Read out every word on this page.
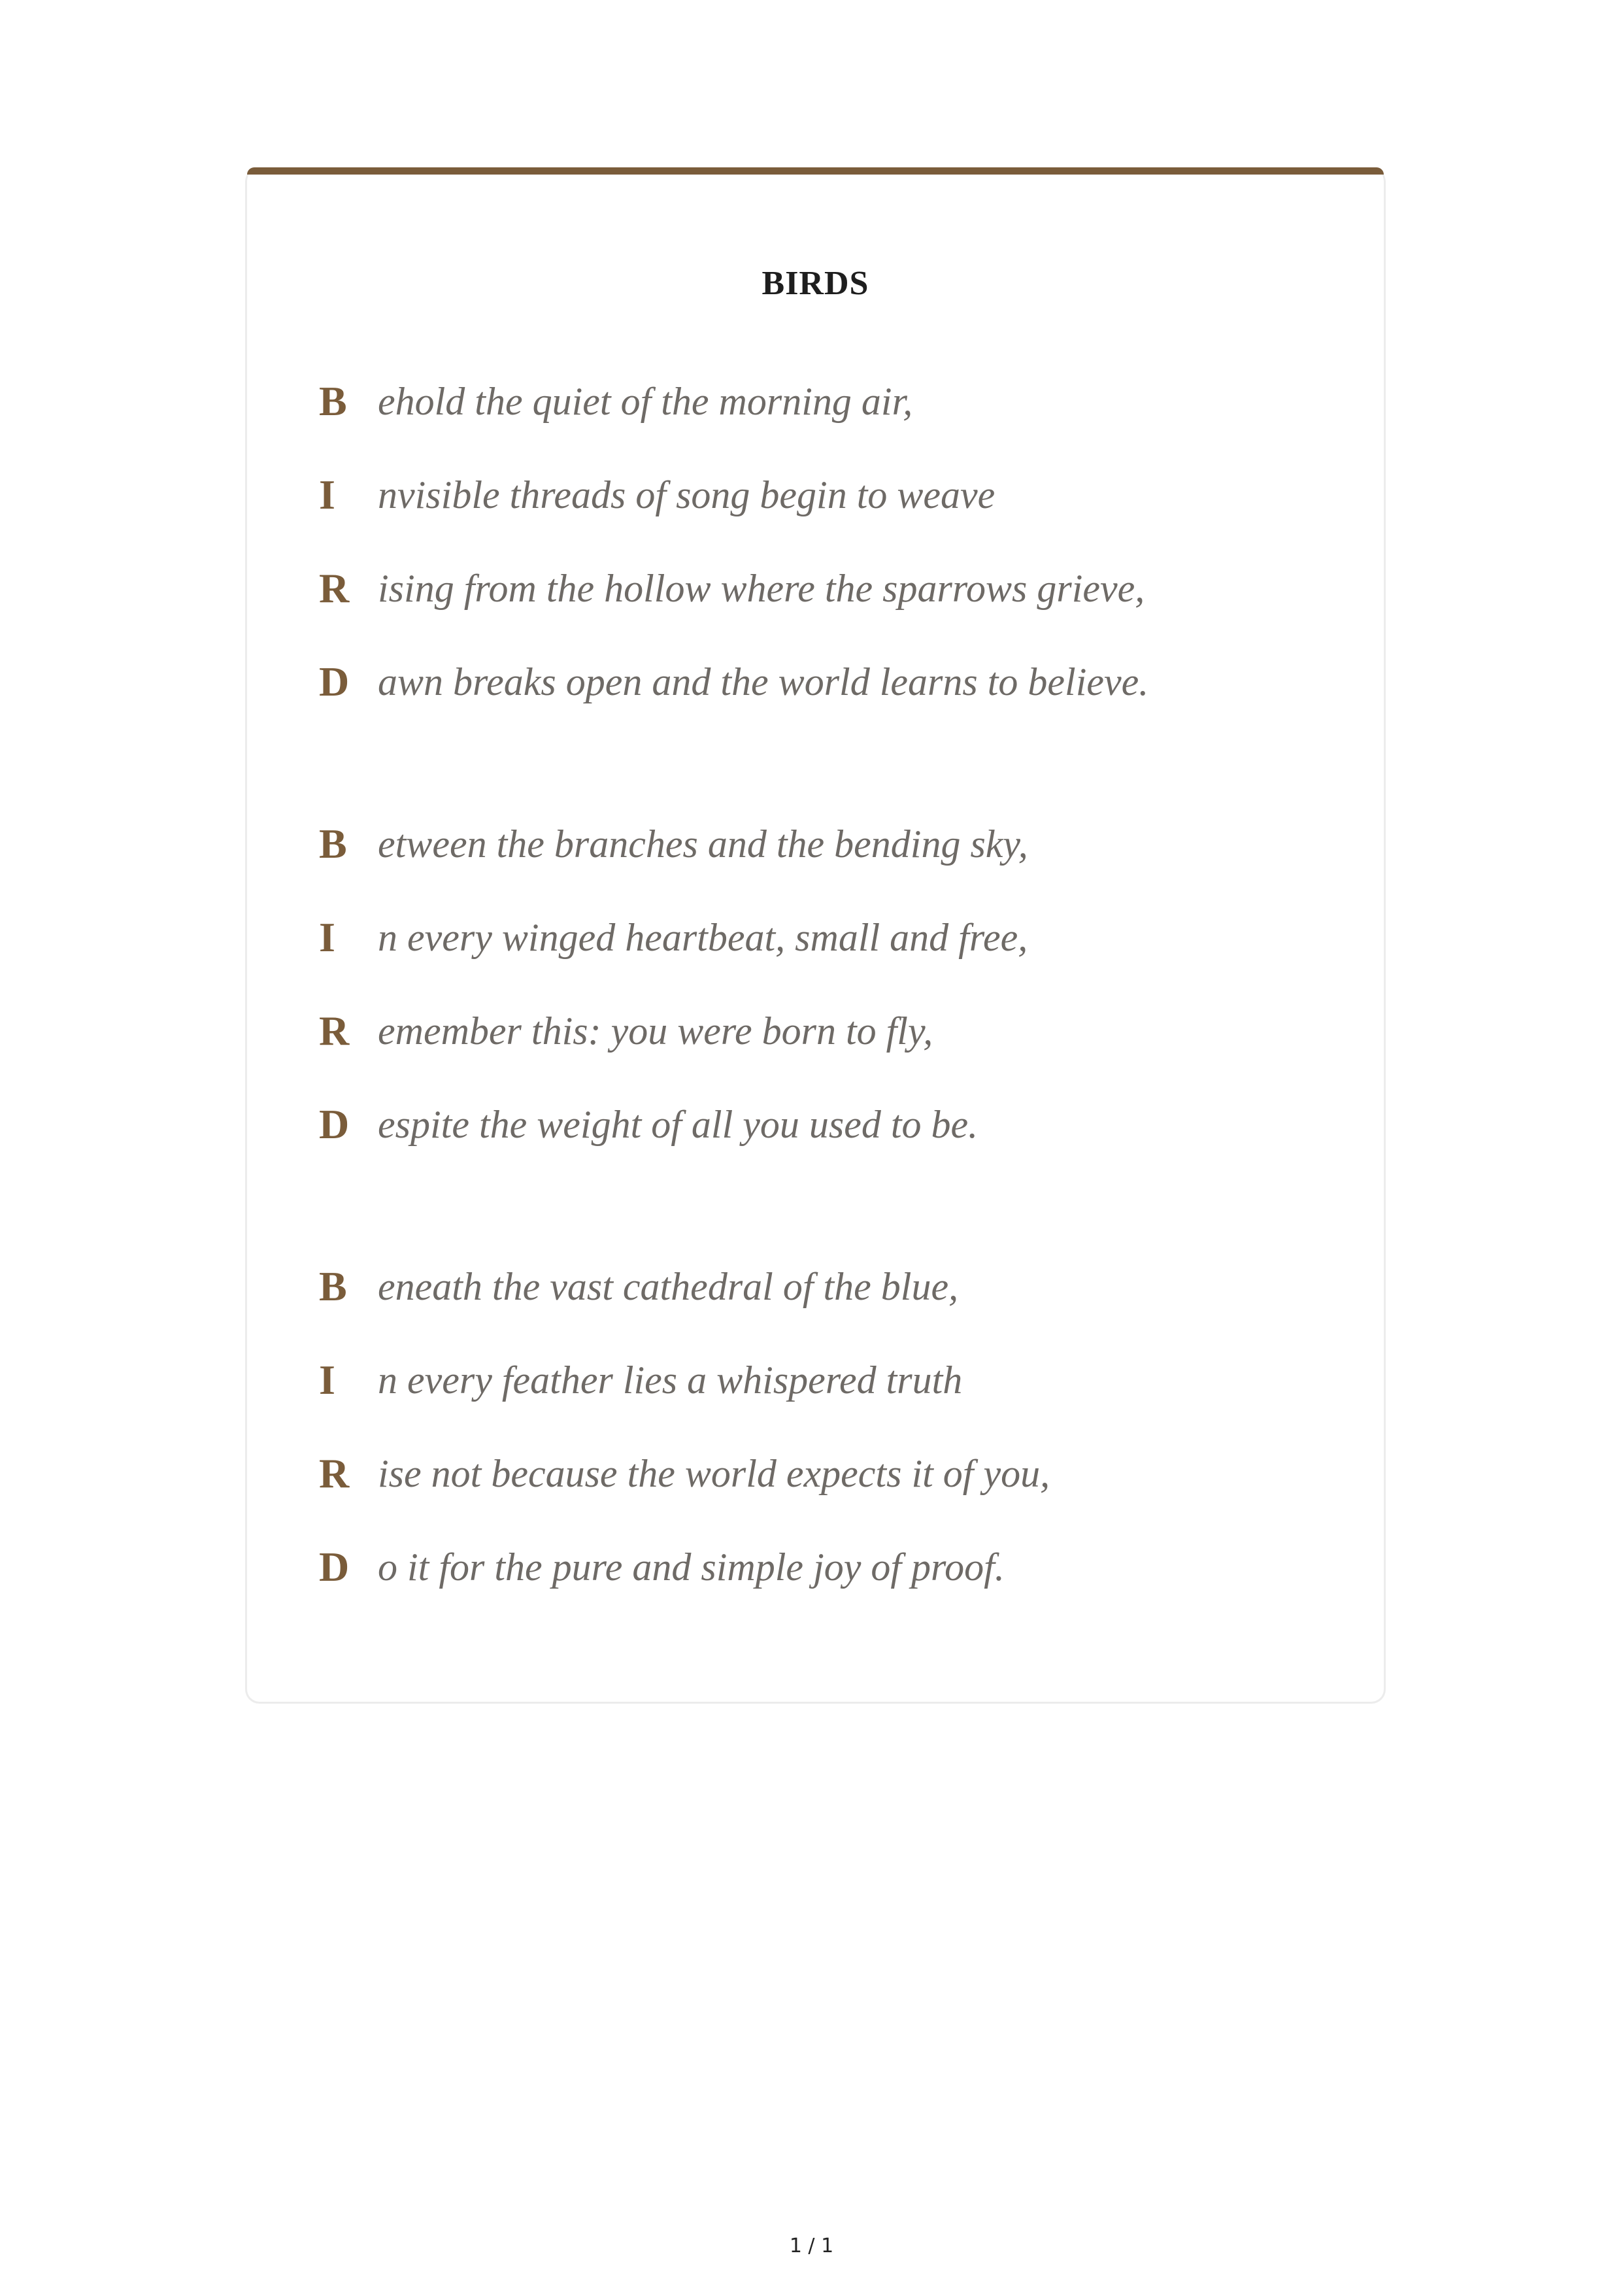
BIRDS
B ehold the quiet of the morning air,
I	nvisible threads of song begin to weave
R ising from the hollow where the sparrows grieve,
D awn breaks open and the world learns to believe.
B etween the branches and the bending sky,
I	n every winged heartbeat, small and free,
R emember this: you were born to fly,
D espite the weight of all you used to be.
B eneath the vast cathedral of the blue,
I	n every feather lies a whispered truth
R ise not because the world expects it of you,
D o it for the pure and simple joy of proof.
1 / 1
